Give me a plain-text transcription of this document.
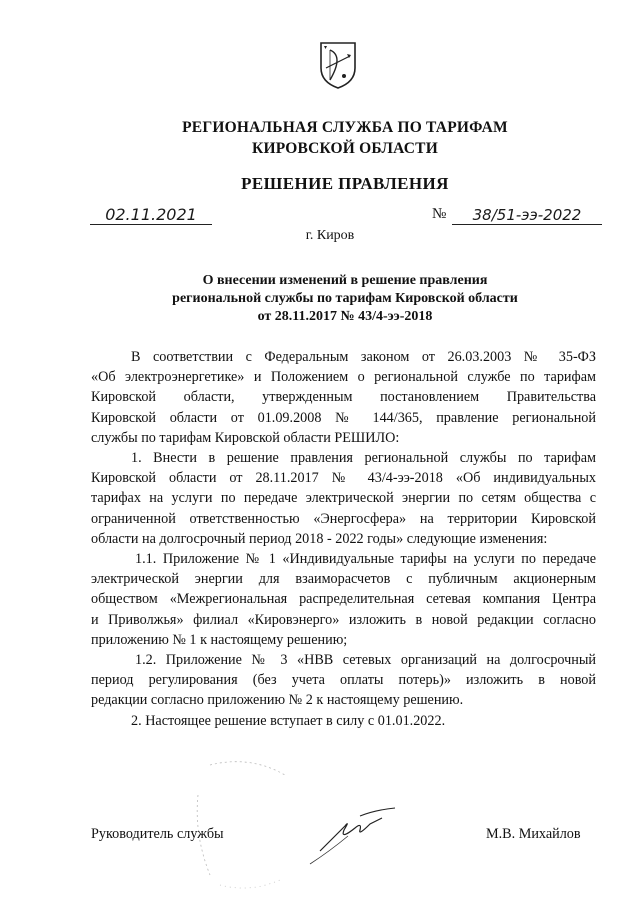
РЕГИОНАЛЬНАЯ СЛУЖБА ПО ТАРИФАМ
КИРОВСКОЙ ОБЛАСТИ
РЕШЕНИЕ ПРАВЛЕНИЯ
02.11.2021	№	38/51-ээ-2022
г. Киров
О внесении изменений в решение правления
региональной службы по тарифам Кировской области
от 28.11.2017 № 43/4-ээ-2018

В соответствии с Федеральным законом от 26.03.2003 № 35-ФЗ

«Об электроэнергетике» и Положением о региональной службе по тарифам

Кировской области, утвержденным постановлением Правительства

Кировской области от 01.09.2008 № 144/365, правление региональной

службы по тарифам Кировской области РЕШИЛО:

1. Внести в решение правления региональной службы по тарифам

Кировской области от 28.11.2017 № 43/4-ээ-2018 «Об индивидуальных

тарифах на услуги по передаче электрической энергии по сетям общества с

ограниченной ответственностью «Энергосфера» на территории Кировской

области на долгосрочный период 2018 - 2022 годы» следующие изменения:

1.1. Приложение № 1 «Индивидуальные тарифы на услуги по передаче

электрической энергии для взаиморасчетов с публичным акционерным

обществом «Межрегиональная распределительная сетевая компания Центра

и Приволжья» филиал «Кировэнерго» изложить в новой редакции согласно

приложению № 1 к настоящему решению;

1.2. Приложение № 3 «НВВ сетевых организаций на долгосрочный

период регулирования (без учета оплаты потерь)» изложить в новой

редакции согласно приложению № 2 к настоящему решению.

2. Настоящее решение вступает в силу с 01.01.2022.

Руководитель службы	М.В. Михайлов
